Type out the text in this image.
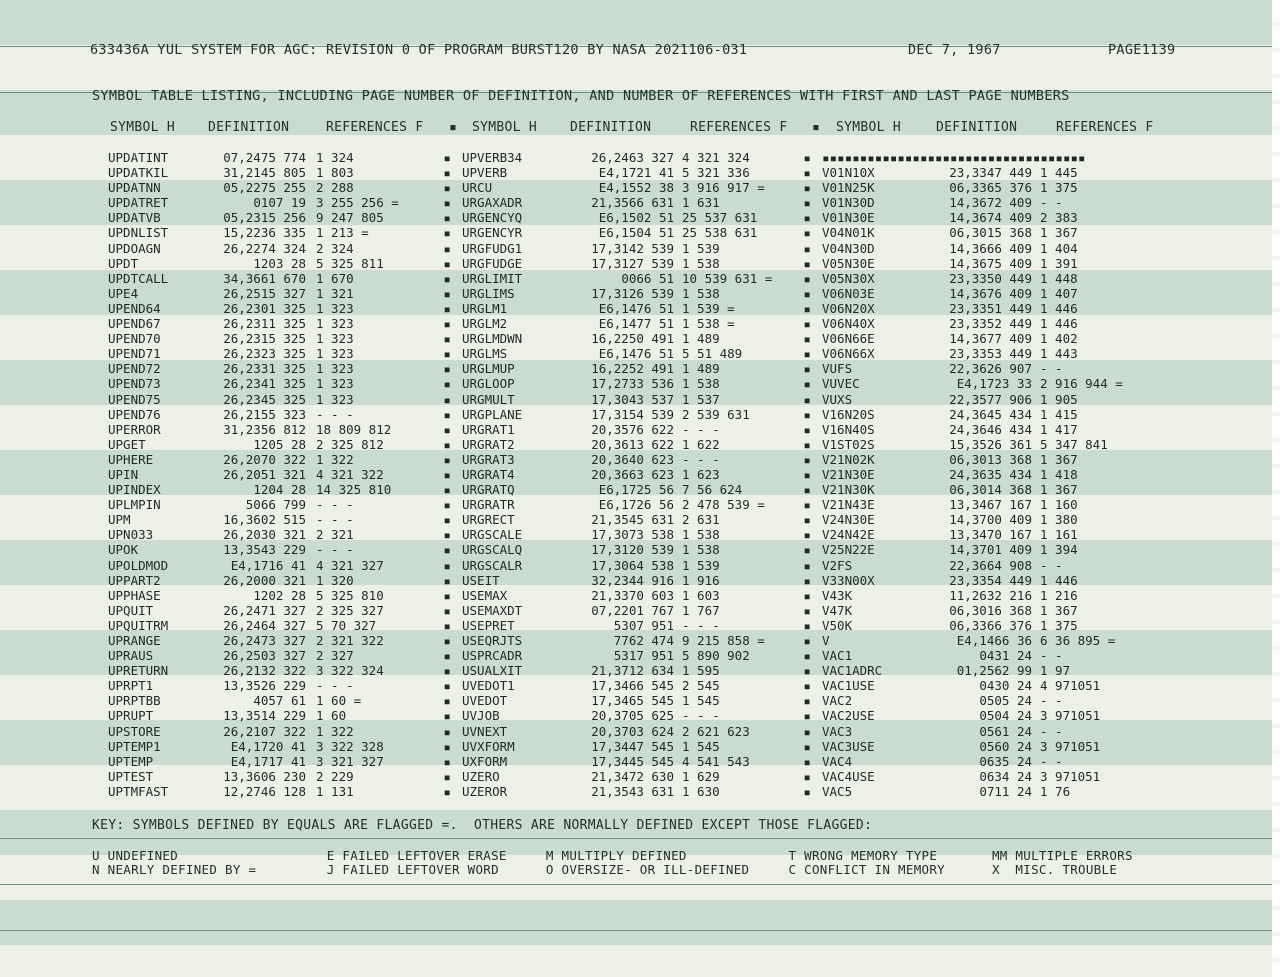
633436A YUL SYSTEM FOR AGC: REVISION 0 OF PROGRAM BURST120 BY NASA 2021106-031	DEC 7, 1967	PAGE1139
SYMBOL TABLE LISTING, INCLUDING PAGE NUMBER OF DEFINITION, AND NUMBER OF REFERENCES WITH FIRST AND LAST PAGE NUMBERS
SYMBOL H	DEFINITION	REFERENCES F ▪ SYMBOL H	DEFINITION	REFERENCES F ▪ SYMBOL H	DEFINITION	REFERENCES F
UPDATINT	07,2475 774 1 324	▪ UPVERB34	26,2463 327 4 321 324	▪ ▪▪▪▪▪▪▪▪▪▪▪▪▪▪▪▪▪▪▪▪▪▪▪▪▪▪▪▪▪▪▪▪▪▪▪
UPDATKIL	31,2145 805 1 803	▪ UPVERB	E4,1721 41 5 321 336	▪ V01N10X	23,3347 449 1 445
UPDATNN	05,2275 255 2 288	▪ URCU	E4,1552 38 3 916 917 =	▪ V01N25K	06,3365 376 1 375
UPDATRET	0107 19 3 255 256 =	▪ URGAXADR	21,3566 631 1 631	▪ V01N30D	14,3672 409 - -
UPDATVB	05,2315 256 9 247 805	▪ URGENCYQ	E6,1502 51 25 537 631	▪ V01N30E	14,3674 409 2 383
UPDNLIST	15,2236 335 1 213 =	▪ URGENCYR	E6,1504 51 25 538 631	▪ V04N01K	06,3015 368 1 367
UPDOAGN	26,2274 324 2 324	▪ URGFUDG1	17,3142 539 1 539	▪ V04N30D	14,3666 409 1 404
UPDT	1203 28 5 325 811	▪ URGFUDGE	17,3127 539 1 538	▪ V05N30E	14,3675 409 1 391
UPDTCALL	34,3661 670 1 670	▪ URGLIMIT	0066 51 10 539 631 =	▪ V05N30X	23,3350 449 1 448
UPE4	26,2515 327 1 321	▪ URGLIMS	17,3126 539 1 538	▪ V06N03E	14,3676 409 1 407
UPEND64	26,2301 325 1 323	▪ URGLM1	E6,1476 51 1 539 =	▪ V06N20X	23,3351 449 1 446
UPEND67	26,2311 325 1 323	▪ URGLM2	E6,1477 51 1 538 =	▪ V06N40X	23,3352 449 1 446
UPEND70	26,2315 325 1 323	▪ URGLMDWN	16,2250 491 1 489	▪ V06N66E	14,3677 409 1 402
UPEND71	26,2323 325 1 323	▪ URGLMS	E6,1476 51 5 51 489	▪ V06N66X	23,3353 449 1 443
UPEND72	26,2331 325 1 323	▪ URGLMUP	16,2252 491 1 489	▪ VUFS	22,3626 907 - -
UPEND73	26,2341 325 1 323	▪ URGLOOP	17,2733 536 1 538	▪ VUVEC	E4,1723 33 2 916 944 =
UPEND75	26,2345 325 1 323	▪ URGMULT	17,3043 537 1 537	▪ VUXS	22,3577 906 1 905
UPEND76	26,2155 323 - - -	▪ URGPLANE	17,3154 539 2 539 631	▪ V16N20S	24,3645 434 1 415
UPERROR	31,2356 812 18 809 812	▪ URGRAT1	20,3576 622 - - -	▪ V16N40S	24,3646 434 1 417
UPGET	1205 28 2 325 812	▪ URGRAT2	20,3613 622 1 622	▪ V1ST02S	15,3526 361 5 347 841
UPHERE	26,2070 322 1 322	▪ URGRAT3	20,3640 623 - - -	▪ V21N02K	06,3013 368 1 367
UPIN	26,2051 321 4 321 322	▪ URGRAT4	20,3663 623 1 623	▪ V21N30E	24,3635 434 1 418
UPINDEX	1204 28 14 325 810	▪ URGRATQ	E6,1725 56 7 56 624	▪ V21N30K	06,3014 368 1 367
UPLMPIN	5066 799 - - -	▪ URGRATR	E6,1726 56 2 478 539 =	▪ V21N43E	13,3467 167 1 160
UPM	16,3602 515 - - -	▪ URGRECT	21,3545 631 2 631	▪ V24N30E	14,3700 409 1 380
UPN033	26,2030 321 2 321	▪ URGSCALE	17,3073 538 1 538	▪ V24N42E	13,3470 167 1 161
UPOK	13,3543 229 - - -	▪ URGSCALQ	17,3120 539 1 538	▪ V25N22E	14,3701 409 1 394
UPOLDMOD	E4,1716 41 4 321 327	▪ URGSCALR	17,3064 538 1 539	▪ V2FS	22,3664 908 - -
UPPART2	26,2000 321 1 320	▪ USEIT	32,2344 916 1 916	▪ V33N00X	23,3354 449 1 446
UPPHASE	1202 28 5 325 810	▪ USEMAX	21,3370 603 1 603	▪ V43K	11,2632 216 1 216
UPQUIT	26,2471 327 2 325 327	▪ USEMAXDT	07,2201 767 1 767	▪ V47K	06,3016 368 1 367
UPQUITRM	26,2464 327 5 70 327	▪ USEPRET	5307 951 - - -	▪ V50K	06,3366 376 1 375
UPRANGE	26,2473 327 2 321 322	▪ USEQRJTS	7762 474 9 215 858 =	▪ V	E4,1466 36 6 36 895 =
UPRAUS	26,2503 327 2 327	▪ USPRCADR	5317 951 5 890 902	▪ VAC1	0431 24 - -
UPRETURN	26,2132 322 3 322 324	▪ USUALXIT	21,3712 634 1 595	▪ VAC1ADRC	01,2562 99 1 97
UPRPT1	13,3526 229 - - -	▪ UVEDOT1	17,3466 545 2 545	▪ VAC1USE	0430 24 4 971051
UPRPTBB	4057 61 1 60 =	▪ UVEDOT	17,3465 545 1 545	▪ VAC2	0505 24 - -
UPRUPT	13,3514 229 1 60	▪ UVJOB	20,3705 625 - - -	▪ VAC2USE	0504 24 3 971051
UPSTORE	26,2107 322 1 322	▪ UVNEXT	20,3703 624 2 621 623	▪ VAC3	0561 24 - -
UPTEMP1	E4,1720 41 3 322 328	▪ UVXFORM	17,3447 545 1 545	▪ VAC3USE	0560 24 3 971051
UPTEMP	E4,1717 41 3 321 327	▪ UXFORM	17,3445 545 4 541 543	▪ VAC4	0635 24 - -
UPTEST	13,3606 230 2 229	▪ UZERO	21,3472 630 1 629	▪ VAC4USE	0634 24 3 971051
UPTMFAST	12,2746 128 1 131	▪ UZEROR	21,3543 631 1 630	▪ VAC5	0711 24 1 76
KEY: SYMBOLS DEFINED BY EQUALS ARE FLAGGED =.  OTHERS ARE NORMALLY DEFINED EXCEPT THOSE FLAGGED:
U UNDEFINED                   E FAILED LEFTOVER ERASE     M MULTIPLY DEFINED             T WRONG MEMORY TYPE       MM MULTIPLE ERRORS
N NEARLY DEFINED BY =         J FAILED LEFTOVER WORD      O OVERSIZE- OR ILL-DEFINED     C CONFLICT IN MEMORY      X  MISC. TROUBLE
